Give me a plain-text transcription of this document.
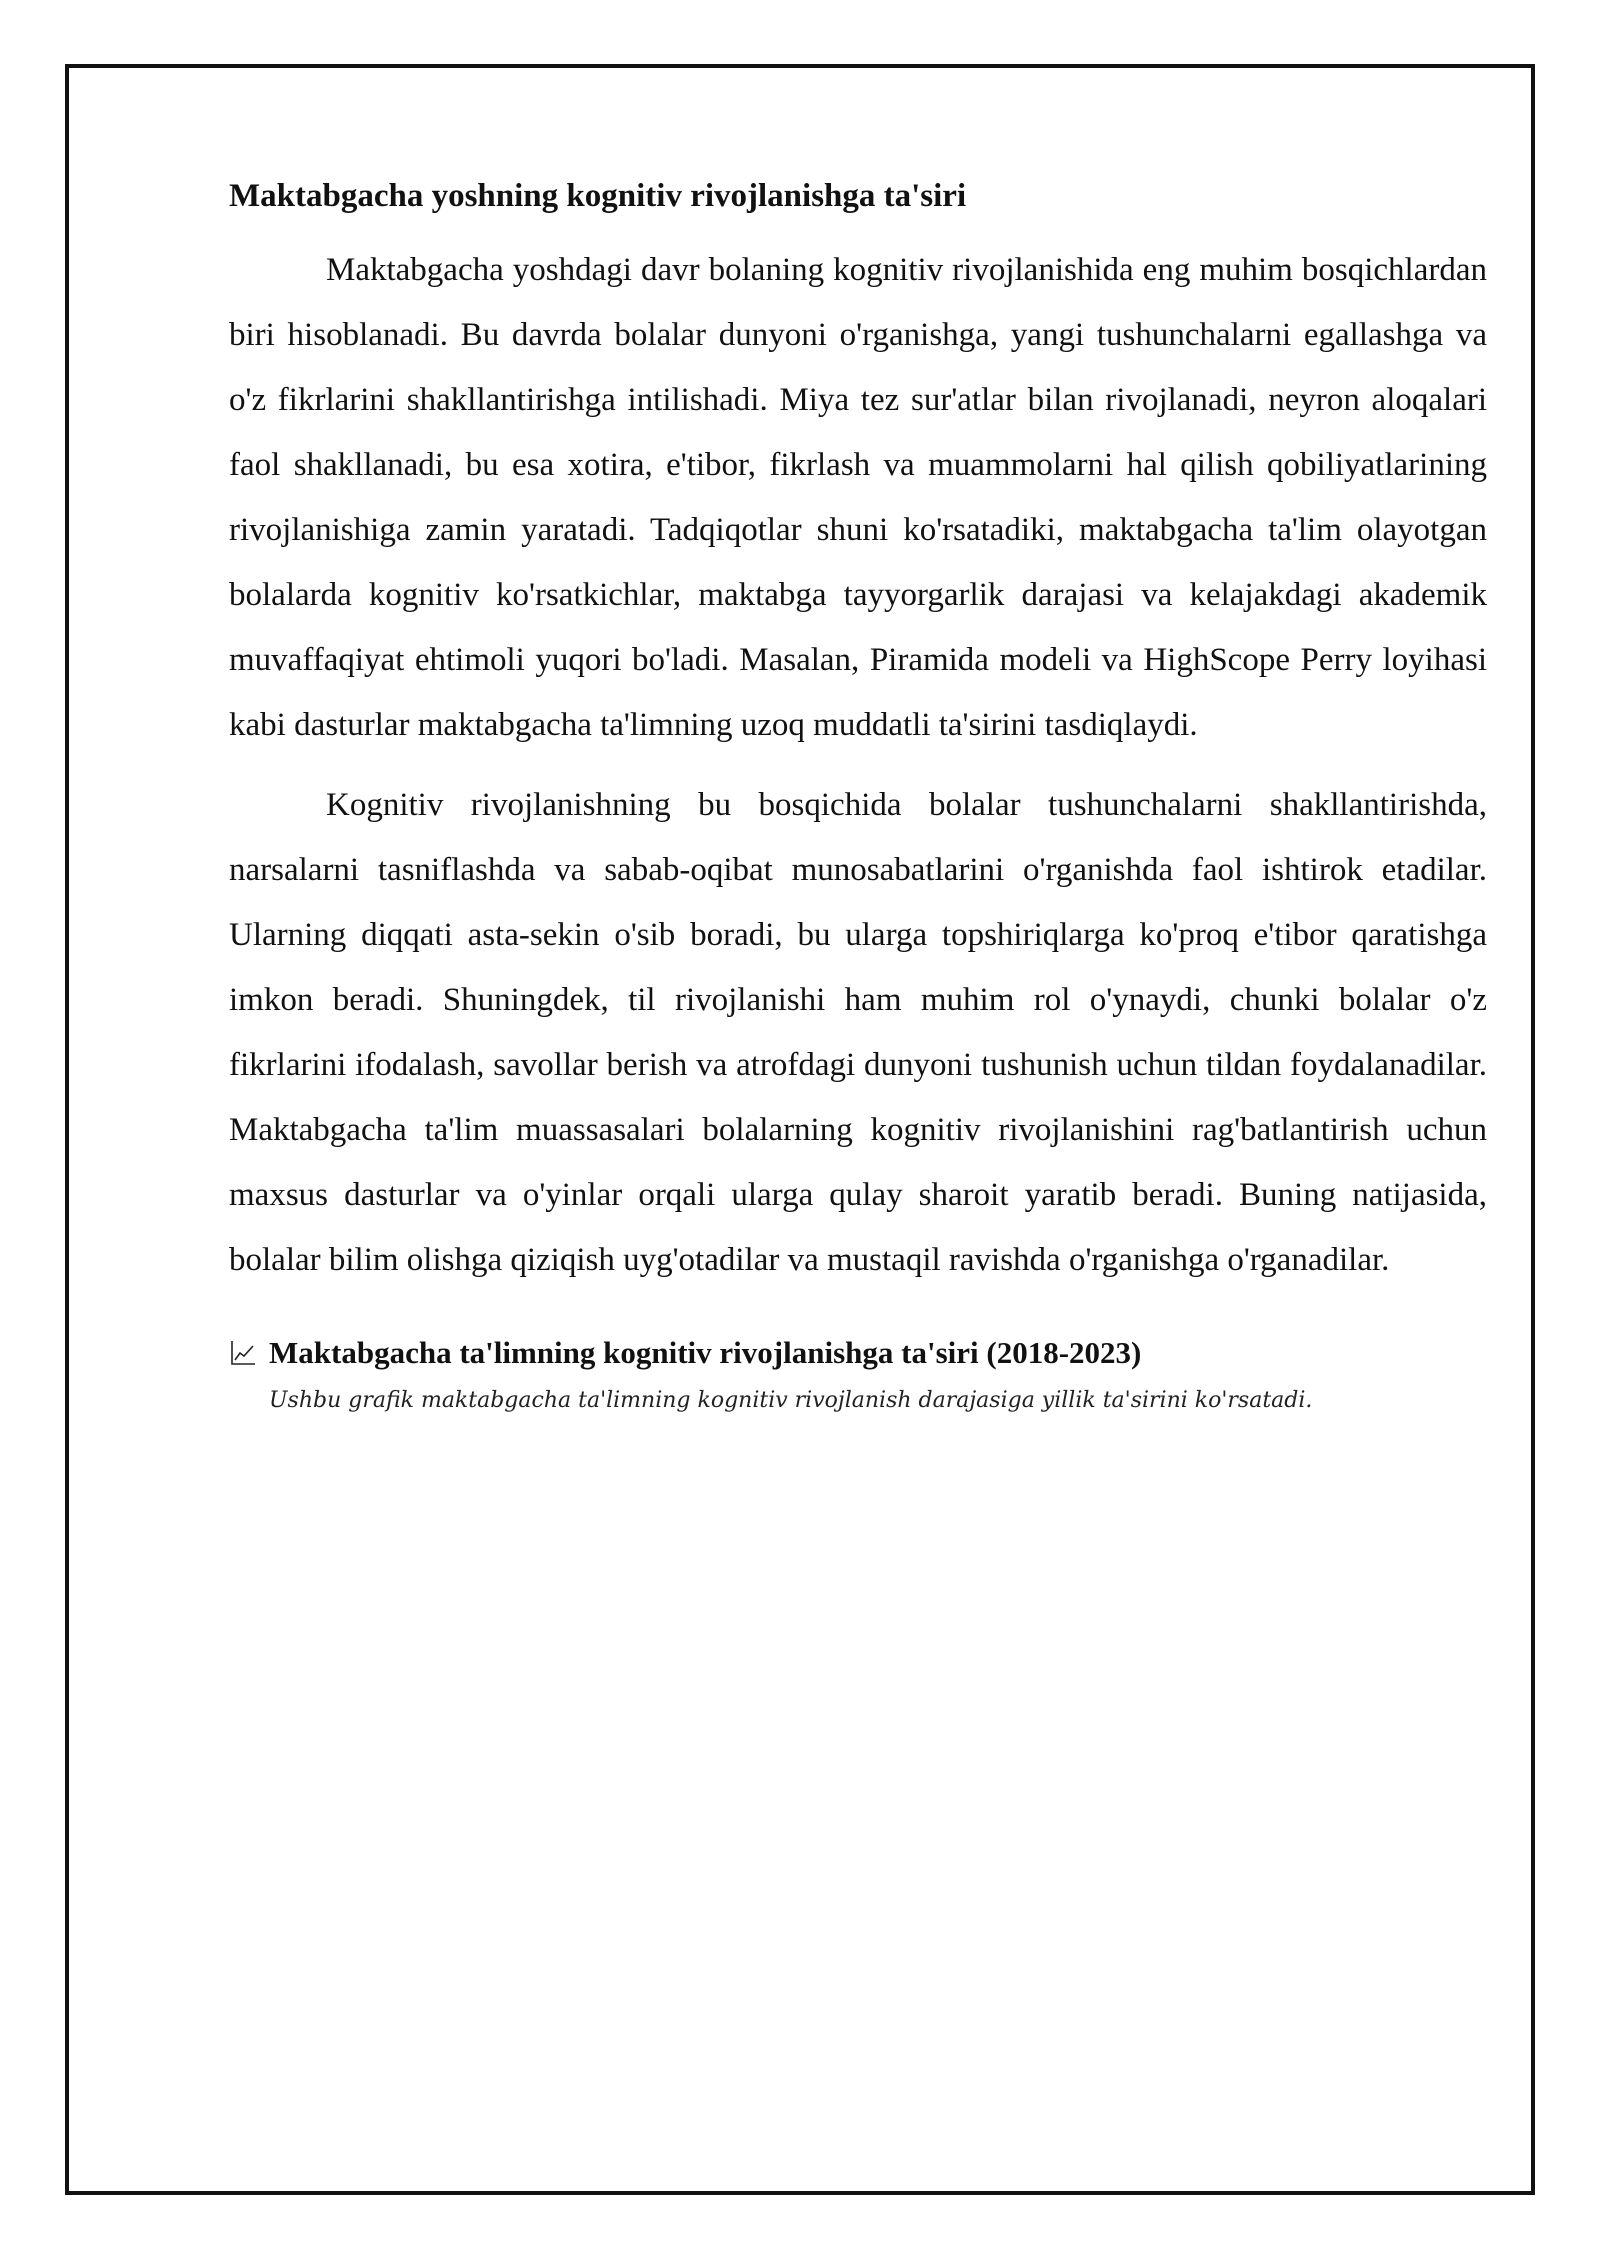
Maktabgacha yoshning kognitiv rivojlanishga ta'siri

Maktabgacha yoshdagi davr bolaning kognitiv rivojlanishida eng muhim bosqichlardan biri hisoblanadi. Bu davrda bolalar dunyoni o'rganishga, yangi tushunchalarni egallashga va o'z fikrlarini shakllantirishga intilishadi. Miya tez sur'atlar bilan rivojlanadi, neyron aloqalari faol shakllanadi, bu esa xotira, e'tibor, fikrlash va muammolarni hal qilish qobiliyatlarining rivojlanishiga zamin yaratadi. Tadqiqotlar shuni ko'rsatadiki, maktabgacha ta'lim olayotgan bolalarda kognitiv ko'rsatkichlar, maktabga tayyorgarlik darajasi va kelajakdagi akademik muvaffaqiyat ehtimoli yuqori bo'ladi. Masalan, Piramida modeli va HighScope Perry loyihasi kabi dasturlar maktabgacha ta'limning uzoq muddatli ta'sirini tasdiqlaydi.

Kognitiv rivojlanishning bu bosqichida bolalar tushunchalarni shakllantirishda, narsalarni tasniflashda va sabab-oqibat munosabatlarini o'rganishda faol ishtirok etadilar. Ularning diqqati asta-sekin o'sib boradi, bu ularga topshiriqlarga ko'proq e'tibor qaratishga imkon beradi. Shuningdek, til rivojlanishi ham muhim rol o'ynaydi, chunki bolalar o'z fikrlarini ifodalash, savollar berish va atrofdagi dunyoni tushunish uchun tildan foydalanadilar. Maktabgacha ta'lim muassasalari bolalarning kognitiv rivojlanishini rag'batlantirish uchun maxsus dasturlar va o'yinlar orqali ularga qulay sharoit yaratib beradi. Buning natijasida, bolalar bilim olishga qiziqish uyg'otadilar va mustaqil ravishda o'rganishga o'rganadilar.

Maktabgacha ta'limning kognitiv rivojlanishga ta'siri (2018-2023)
Ushbu grafik maktabgacha ta'limning kognitiv rivojlanish darajasiga yillik ta'sirini ko'rsatadi.
